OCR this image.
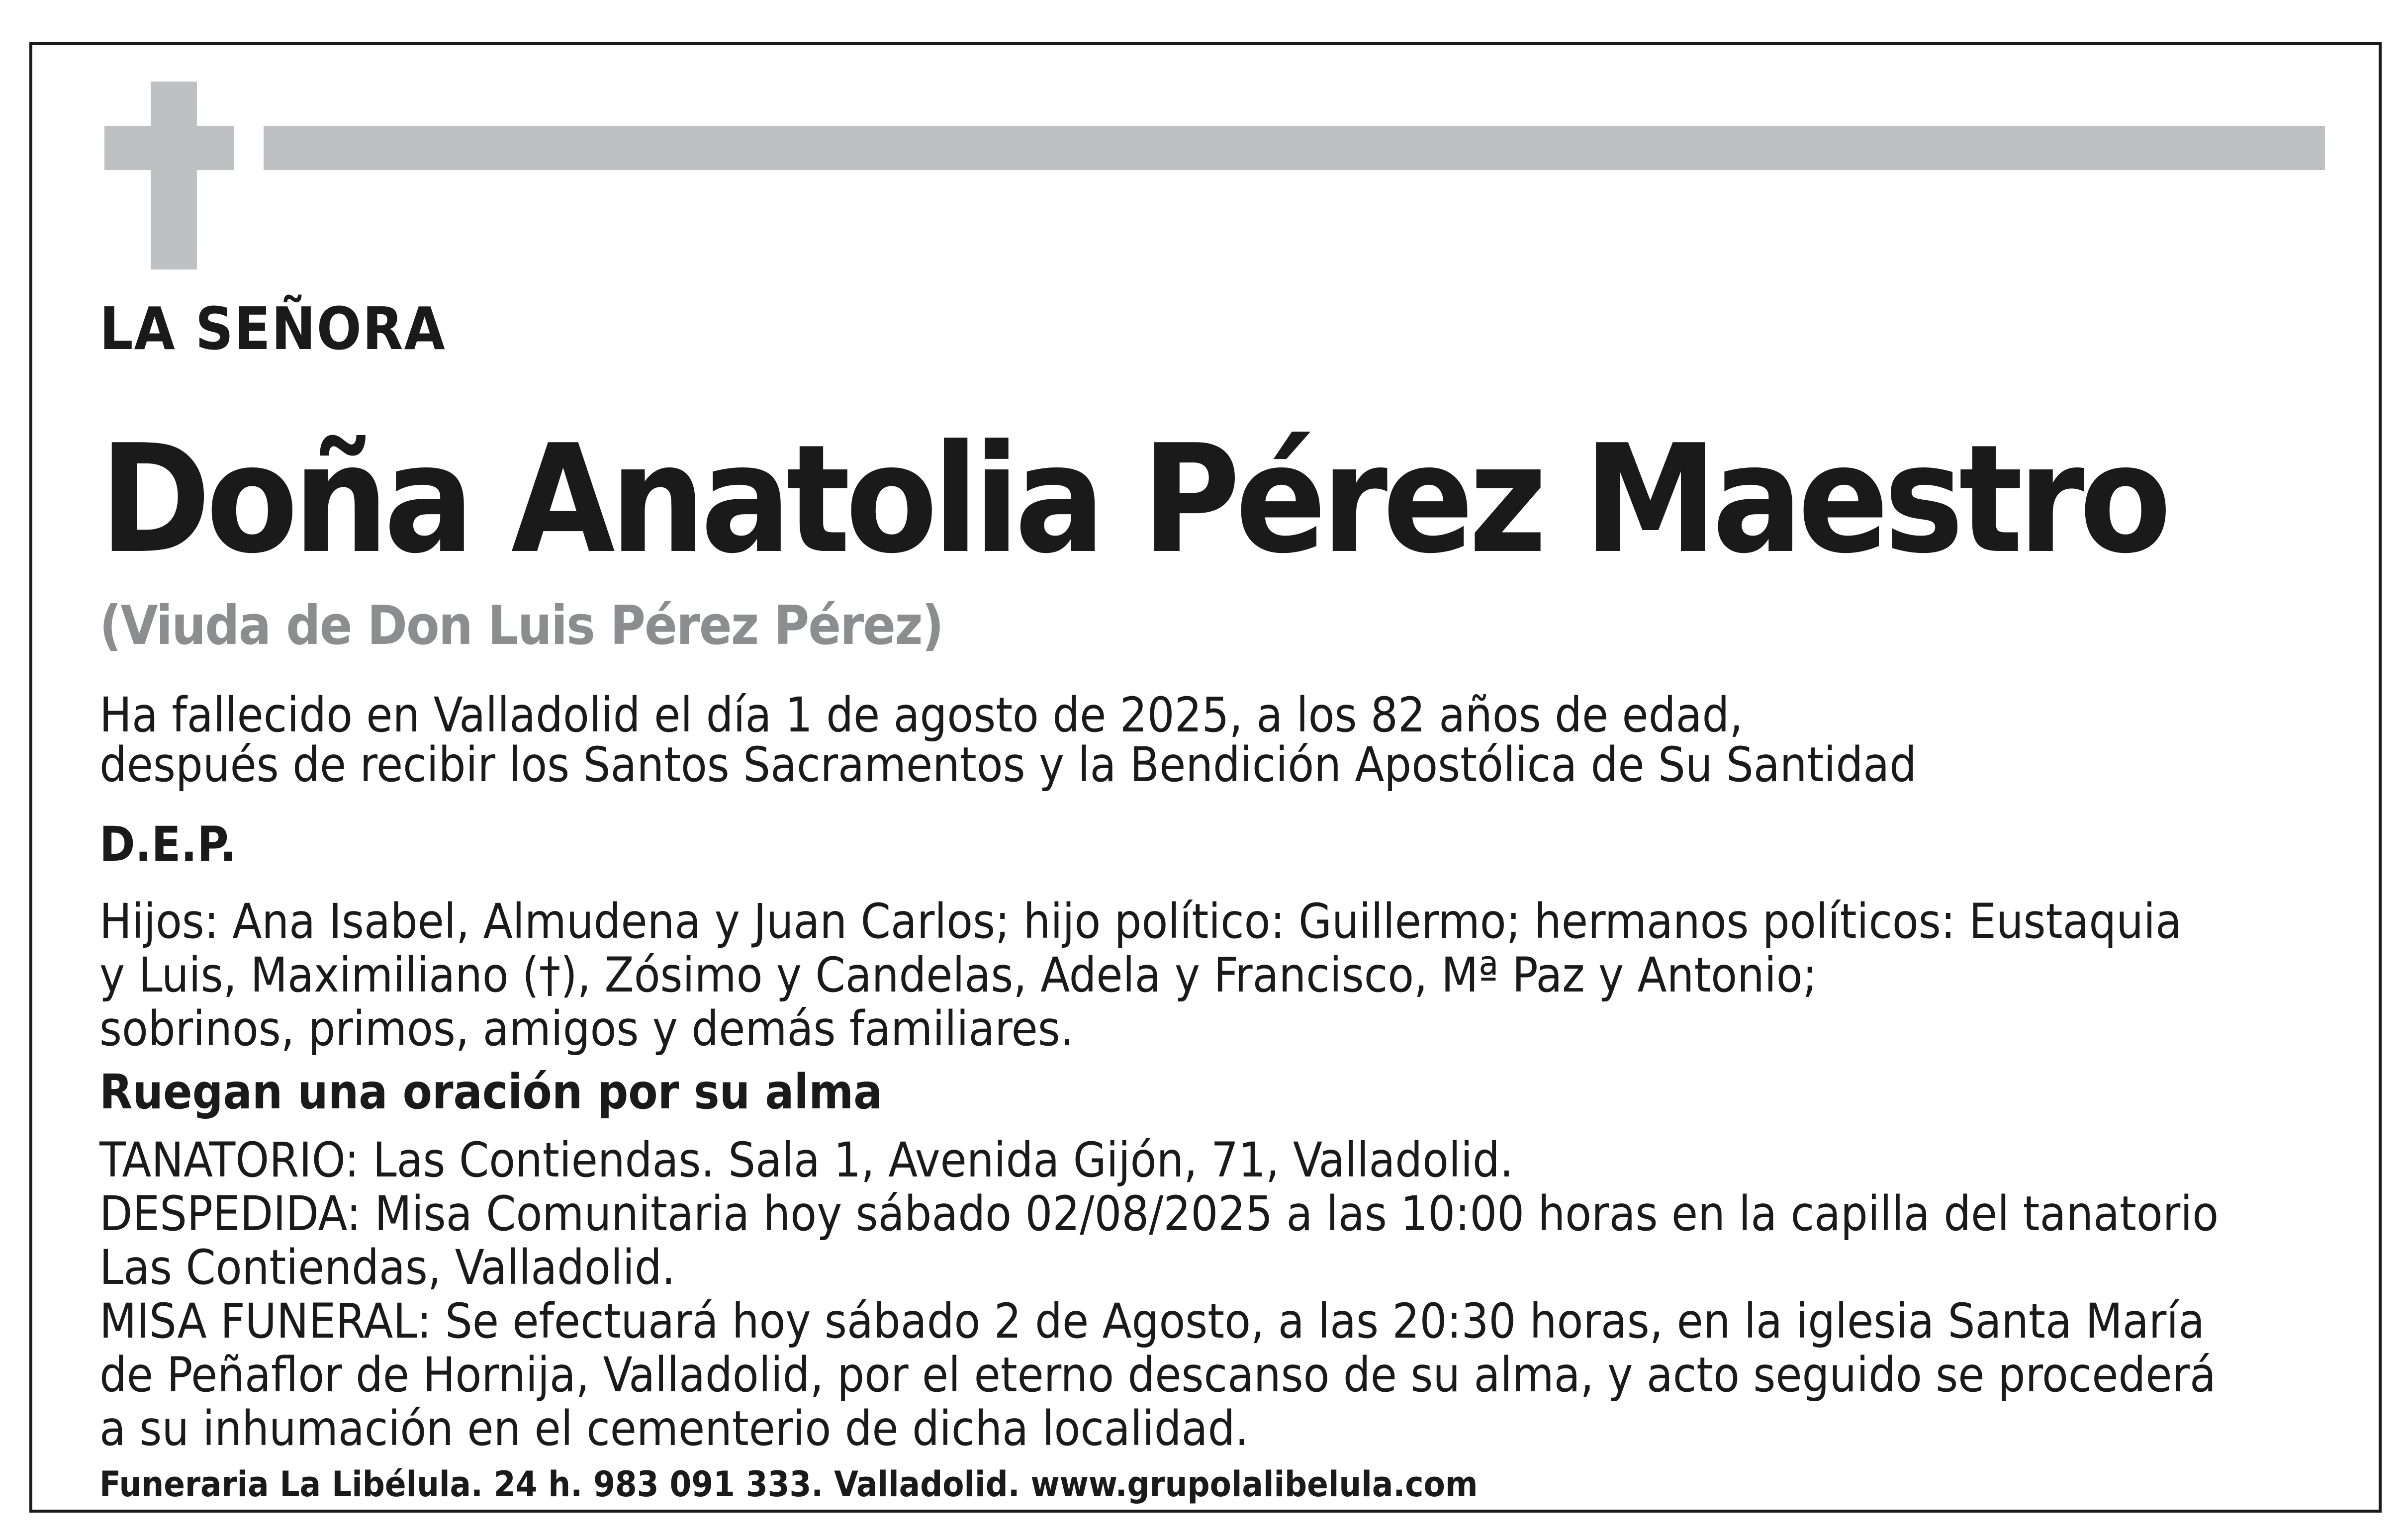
LA SEÑORA
Doña Anatolia Pérez Maestro
(Viuda de Don Luis Pérez Pérez)
Ha fallecido en Valladolid el día 1 de agosto de 2025, a los 82 años de edad,
después de recibir los Santos Sacramentos y la Bendición Apostólica de Su Santidad
D.E.P.
Hijos: Ana Isabel, Almudena y Juan Carlos; hijo político: Guillermo; hermanos políticos: Eustaquia
y Luis, Maximiliano (†), Zósimo y Candelas, Adela y Francisco, Mª Paz y Antonio;
sobrinos, primos, amigos y demás familiares.
Ruegan una oración por su alma
TANATORIO: Las Contiendas. Sala 1, Avenida Gijón, 71, Valladolid.
DESPEDIDA: Misa Comunitaria hoy sábado 02/08/2025 a las 10:00 horas en la capilla del tanatorio
Las Contiendas, Valladolid.
MISA FUNERAL: Se efectuará hoy sábado 2 de Agosto, a las 20:30 horas, en la iglesia Santa María
de Peñaflor de Hornija, Valladolid, por el eterno descanso de su alma, y acto seguido se procederá
a su inhumación en el cementerio de dicha localidad.
Funeraria La Libélula. 24 h. 983 091 333. Valladolid. www.grupolalibelula.com
